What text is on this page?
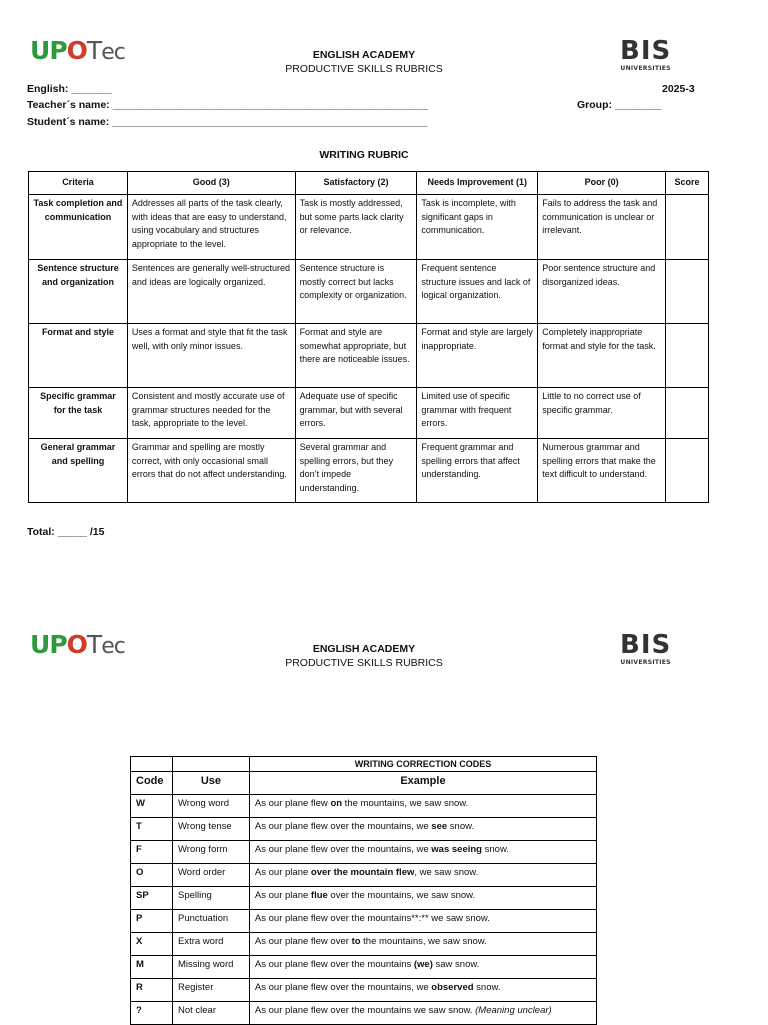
UPOTec	BIS
UNIVERSITIES
ENGLISH ACADEMY
PRODUCTIVE SKILLS RUBRICS
English: _______
Teacher´s name: ______________________________________________________
Student´s name: ______________________________________________________
2025-3
Group: ________
WRITING RUBRIC
Criteria	Good (3)	Satisfactory (2)	Needs Improvement (1)	Poor (0)	Score
Task completion and communication	Addresses all parts of the task clearly, with ideas that are easy to understand, using vocabulary and structures appropriate to the level.	Task is mostly addressed, but some parts lack clarity or relevance.	Task is incomplete, with significant gaps in communication.	Fails to address the task and communication is unclear or irrelevant.	
Sentence structure and organization	Sentences are generally well-structured and ideas are logically organized.	Sentence structure is mostly correct but lacks complexity or organization.	Frequent sentence structure issues and lack of logical organization.	Poor sentence structure and disorganized ideas.	
Format and style	Uses a format and style that fit the task well, with only minor issues.	Format and style are somewhat appropriate, but there are noticeable issues.	Format and style are largely inappropriate.	Completely inappropriate format and style for the task.	
Specific grammar for the task	Consistent and mostly accurate use of grammar structures needed for the task, appropriate to the level.	Adequate use of specific grammar, but with several errors.	Limited use of specific grammar with frequent errors.	Little to no correct use of specific grammar.	
General grammar and spelling	Grammar and spelling are mostly correct, with only occasional small errors that do not affect understanding.	Several grammar and spelling errors, but they don’t impede understanding.	Frequent grammar and spelling errors that affect understanding.	Numerous grammar and spelling errors that make the text difficult to understand.	
Total: _____ /15
UPOTec	BIS
UNIVERSITIES
ENGLISH ACADEMY
PRODUCTIVE SKILLS RUBRICS
		WRITING CORRECTION CODES
Code	Use	Example
W	Wrong word	As our plane flew on the mountains, we saw snow.
T	Wrong tense	As our plane flew over the mountains, we see snow.
F	Wrong form	As our plane flew over the mountains, we was seeing snow.
O	Word order	As our plane over the mountain flew, we saw snow.
SP	Spelling	As our plane flue over the mountains, we saw snow.
P	Punctuation	As our plane flew over the mountains**:** we saw snow.
X	Extra word	As our plane flew over to the mountains, we saw snow.
M	Missing word	As our plane flew over the mountains (we) saw snow.
R	Register	As our plane flew over the mountains, we observed snow.
?	Not clear	As our plane flew over the mountains we saw snow. (Meaning unclear)
